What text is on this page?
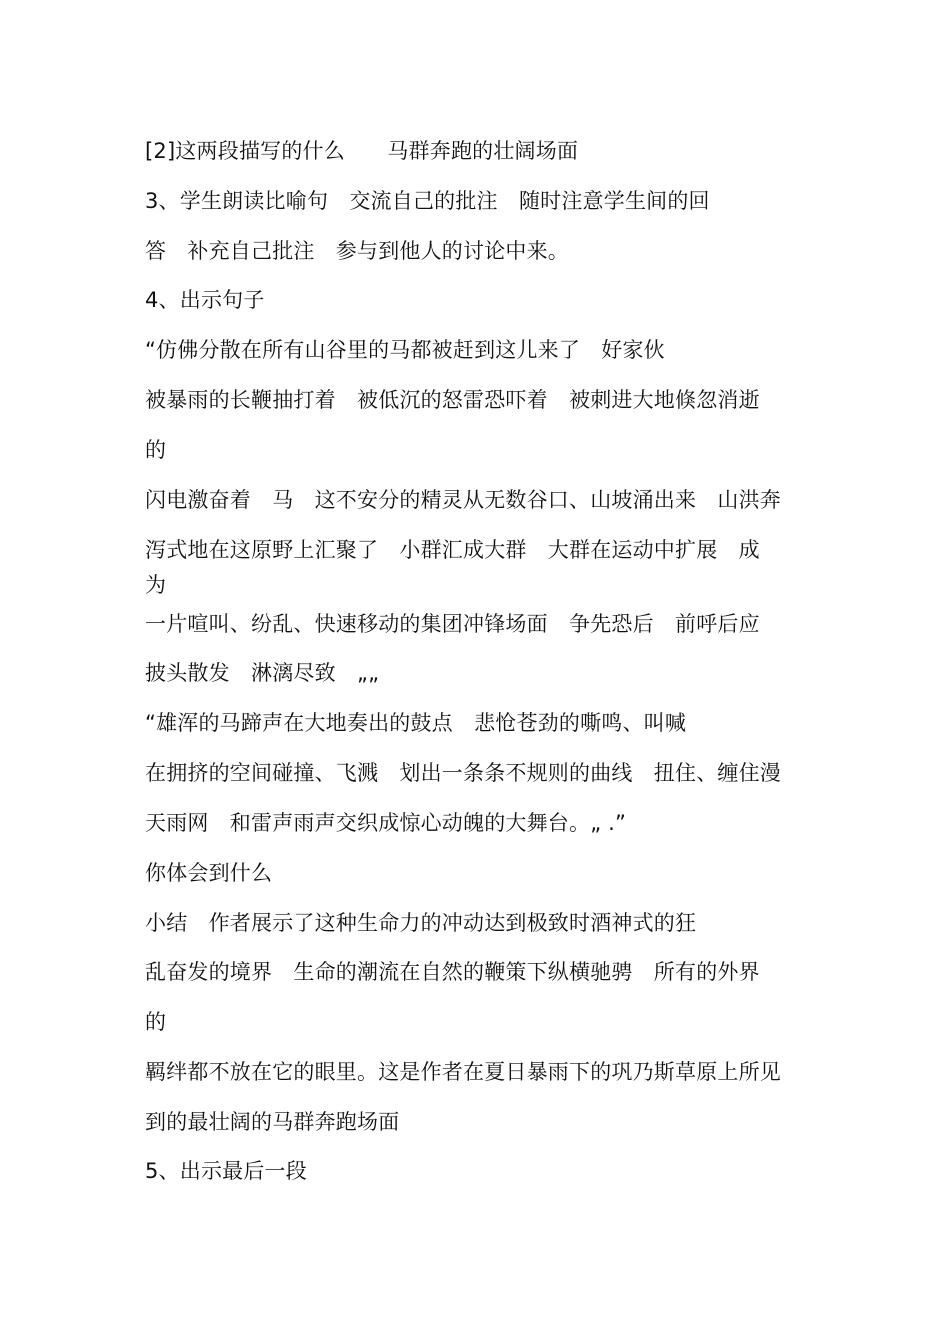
[2]这两段描写的什么　　马群奔跑的壮阔场面
3、学生朗读比喻句　交流自己的批注　随时注意学生间的回
答　补充自己批注　参与到他人的讨论中来。
4、出示句子
“仿佛分散在所有山谷里的马都被赶到这儿来了　好家伙
被暴雨的长鞭抽打着　被低沉的怒雷恐吓着　被刺进大地倏忽消逝
的
闪电激奋着　马　这不安分的精灵从无数谷口、山坡涌出来　山洪奔
泻式地在这原野上汇聚了　小群汇成大群　大群在运动中扩展　成
为
一片喧叫、纷乱、快速移动的集团冲锋场面　争先恐后　前呼后应
披头散发　淋漓尽致　„„
“雄浑的马蹄声在大地奏出的鼓点　悲怆苍劲的嘶鸣、叫喊
在拥挤的空间碰撞、飞溅　划出一条条不规则的曲线　扭住、缠住漫
天雨网　和雷声雨声交织成惊心动魄的大舞台。„ .”
你体会到什么
小结　作者展示了这种生命力的冲动达到极致时酒神式的狂
乱奋发的境界　生命的潮流在自然的鞭策下纵横驰骋　所有的外界
的
羁绊都不放在它的眼里。这是作者在夏日暴雨下的巩乃斯草原上所见
到的最壮阔的马群奔跑场面
5、出示最后一段
